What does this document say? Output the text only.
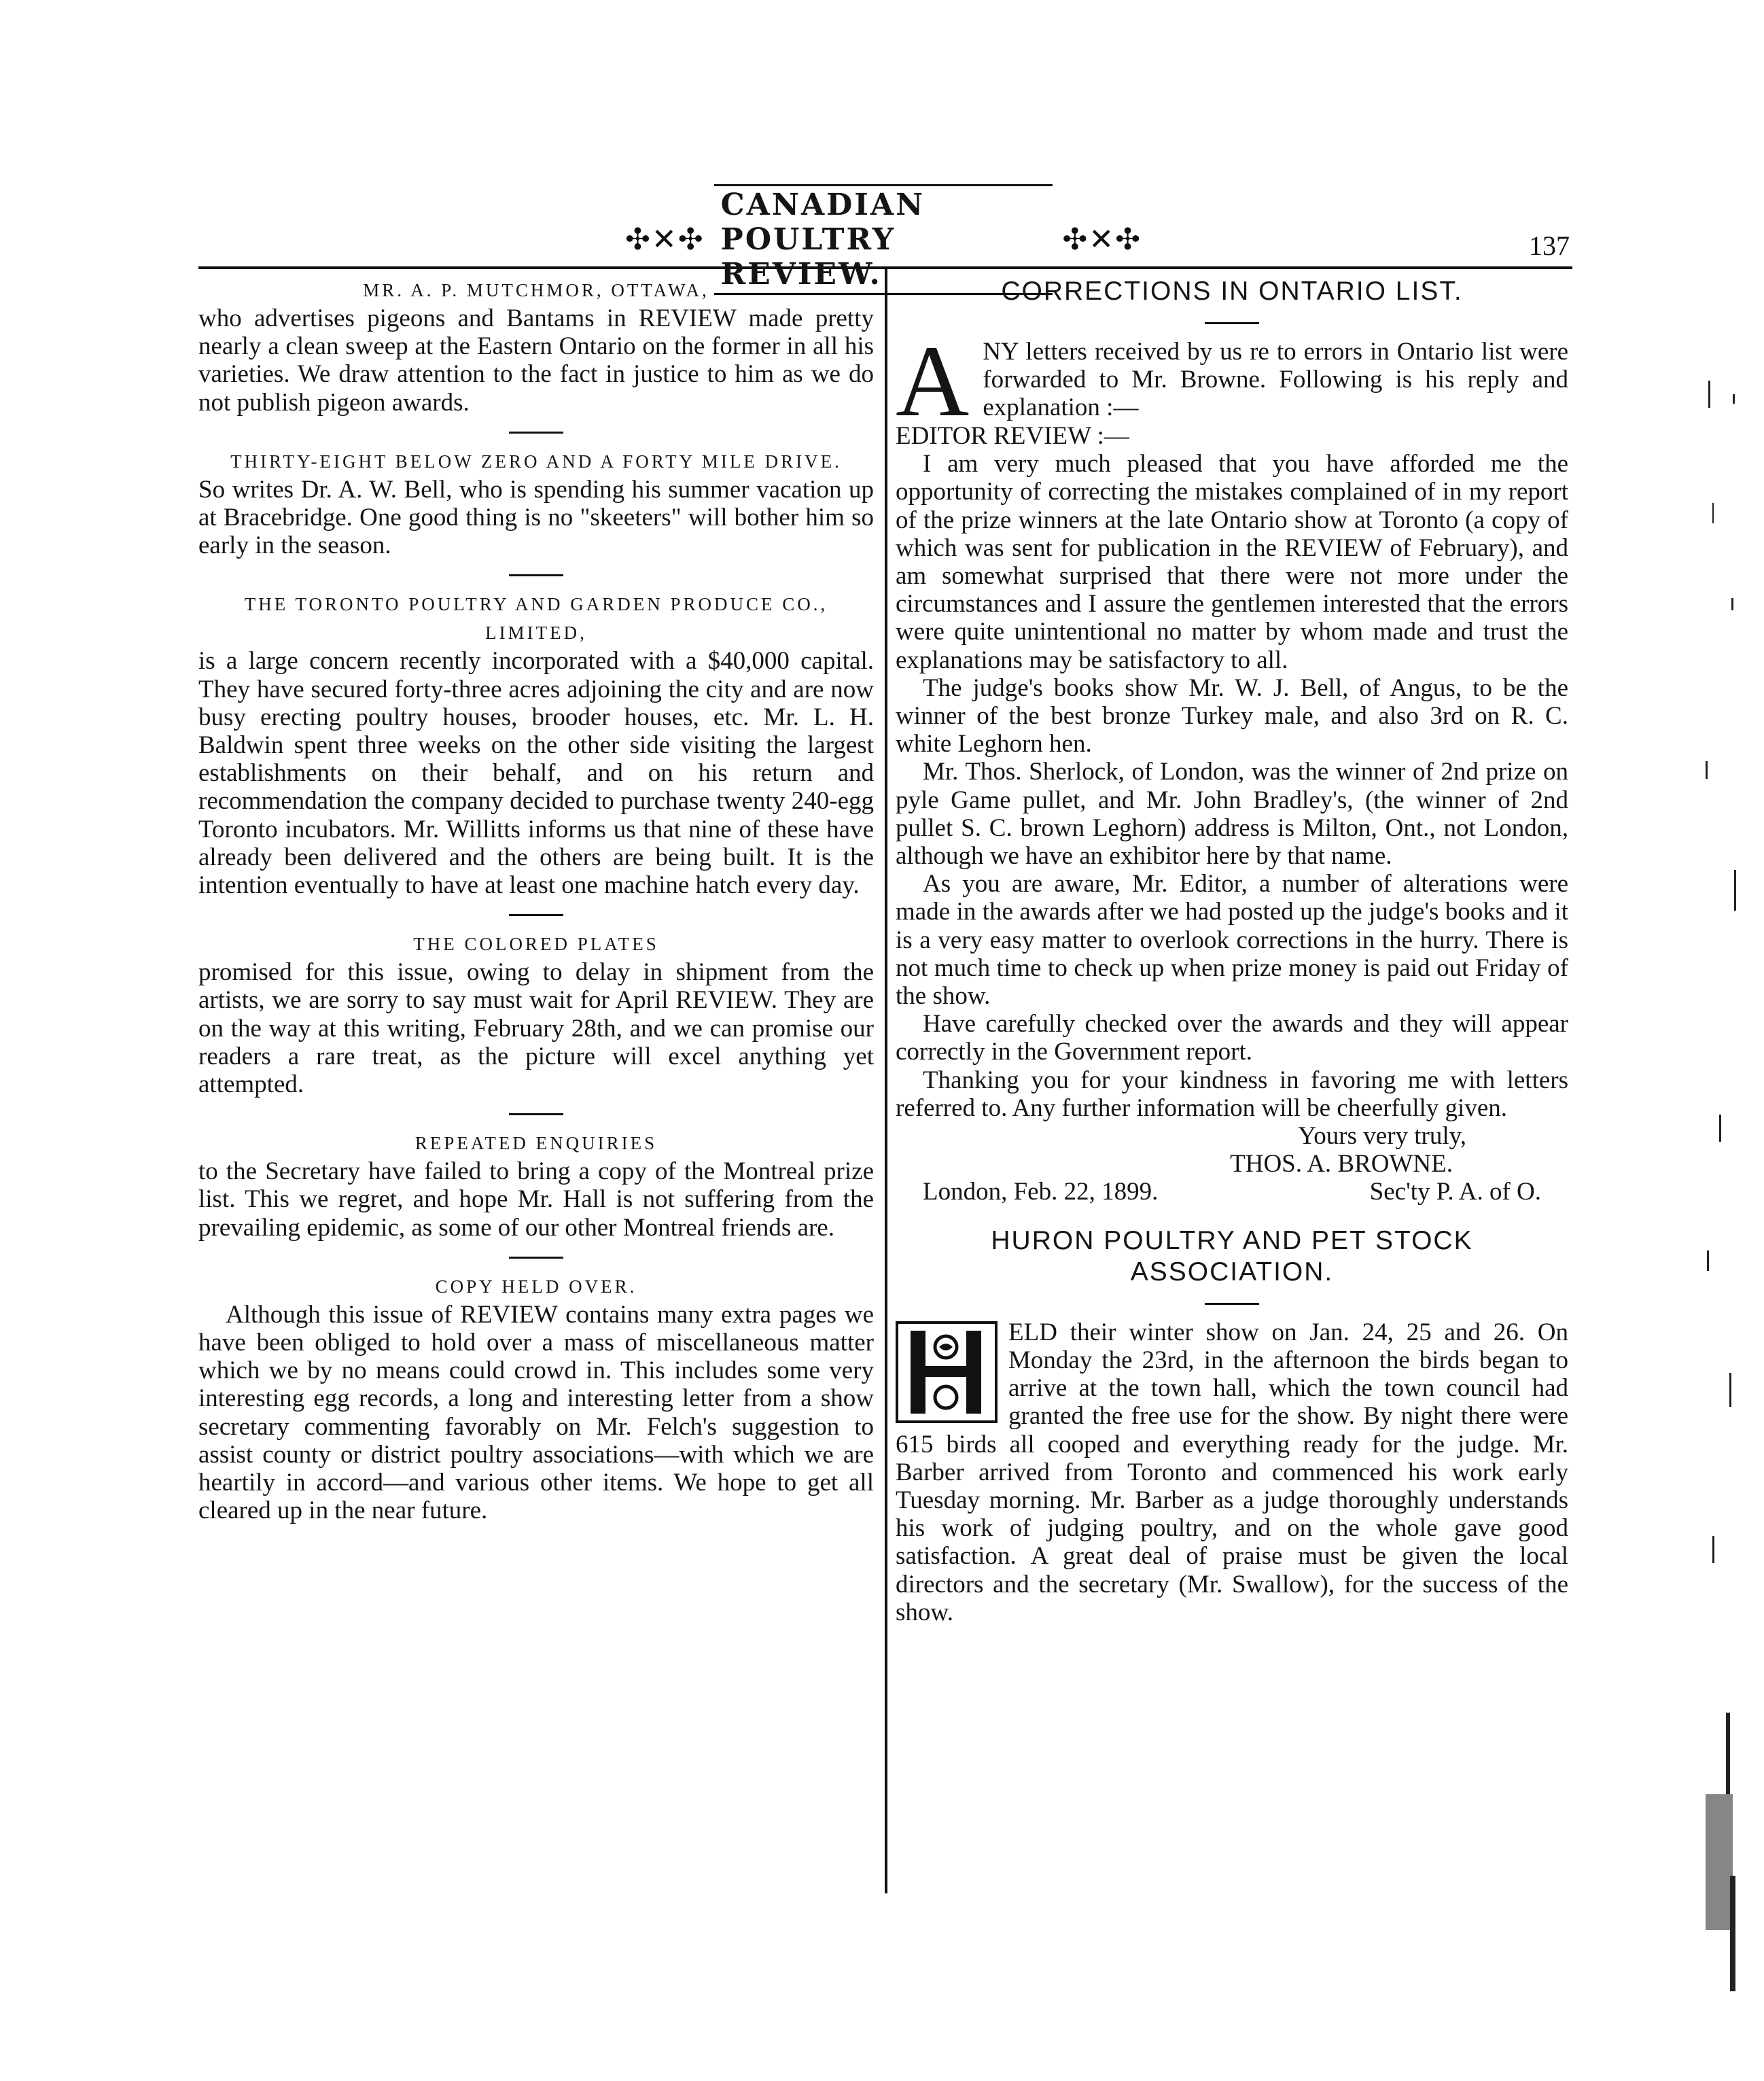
✣✕✣
CANADIAN POULTRY REVIEW.
✣✕✣	137
MR. A. P. MUTCHMOR, OTTAWA,

who advertises pigeons and Bantams in REVIEW made pretty nearly a clean sweep at the Eastern Ontario on the former in all his varieties. We draw attention to the fact in justice to him as we do not publish pigeon awards.

THIRTY-EIGHT BELOW ZERO AND A FORTY MILE DRIVE.

So writes Dr. A. W. Bell, who is spending his summer vacation up at Bracebridge. One good thing is no "skeeters" will bother him so early in the season.

THE TORONTO POULTRY AND GARDEN PRODUCE CO., LIMITED,

is a large concern recently incorporated with a $40,000 capital. They have secured forty-three acres adjoining the city and are now busy erecting poultry houses, brooder houses, etc. Mr. L. H. Baldwin spent three weeks on the other side visiting the largest establishments on their behalf, and on his return and recommendation the company decided to purchase twenty 240-egg Toronto incubators. Mr. Willitts informs us that nine of these have already been delivered and the others are being built. It is the intention eventually to have at least one machine hatch every day.

THE COLORED PLATES

promised for this issue, owing to delay in shipment from the artists, we are sorry to say must wait for April REVIEW. They are on the way at this writing, February 28th, and we can promise our readers a rare treat, as the picture will excel anything yet attempted.

REPEATED ENQUIRIES

to the Secretary have failed to bring a copy of the Montreal prize list. This we regret, and hope Mr. Hall is not suffering from the prevailing epidemic, as some of our other Montreal friends are.

COPY HELD OVER.

Although this issue of REVIEW contains many extra pages we have been obliged to hold over a mass of miscellaneous matter which we by no means could crowd in. This includes some very interesting egg records, a long and interesting letter from a show secretary commenting favorably on Mr. Felch's suggestion to assist county or district poultry associations—with which we are heartily in accord—and various other items. We hope to get all cleared up in the near future.

CORRECTIONS IN ONTARIO LIST.
A NY letters received by us re to errors in Ontario list were forwarded to Mr. Browne. Following is his reply and explanation :—

EDITOR REVIEW :—

I am very much pleased that you have afforded me the opportunity of correcting the mistakes complained of in my report of the prize winners at the late Ontario show at Toronto (a copy of which was sent for publication in the REVIEW of February), and am somewhat surprised that there were not more under the circumstances and I assure the gentlemen interested that the errors were quite unintentional no matter by whom made and trust the explanations may be satisfactory to all.

The judge's books show Mr. W. J. Bell, of Angus, to be the winner of the best bronze Turkey male, and also 3rd on R. C. white Leghorn hen.

Mr. Thos. Sherlock, of London, was the winner of 2nd prize on pyle Game pullet, and Mr. John Bradley's, (the winner of 2nd pullet S. C. brown Leghorn) address is Milton, Ont., not London, although we have an exhibitor here by that name.

As you are aware, Mr. Editor, a number of alterations were made in the awards after we had posted up the judge's books and it is a very easy matter to overlook corrections in the hurry. There is not much time to check up when prize money is paid out Friday of the show.

Have carefully checked over the awards and they will appear correctly in the Government report.

Thanking you for your kindness in favoring me with letters referred to. Any further information will be cheerfully given.

Yours very truly,

THOS. A. BROWNE.

London, Feb. 22, 1899.	Sec'ty P. A. of O.
HURON POULTRY AND PET STOCK
ASSOCIATION.

ELD their winter show on Jan. 24, 25 and 26. On Monday the 23rd, in the afternoon the birds began to arrive at the town hall, which the town council had granted the free use for the show. By night there were 615 birds all cooped and everything ready for the judge. Mr. Barber arrived from Toronto and commenced his work early Tuesday morning. Mr. Barber as a judge thoroughly understands his work of judging poultry, and on the whole gave good satisfaction. A great deal of praise must be given the local directors and the secretary (Mr. Swallow), for the success of the show.
